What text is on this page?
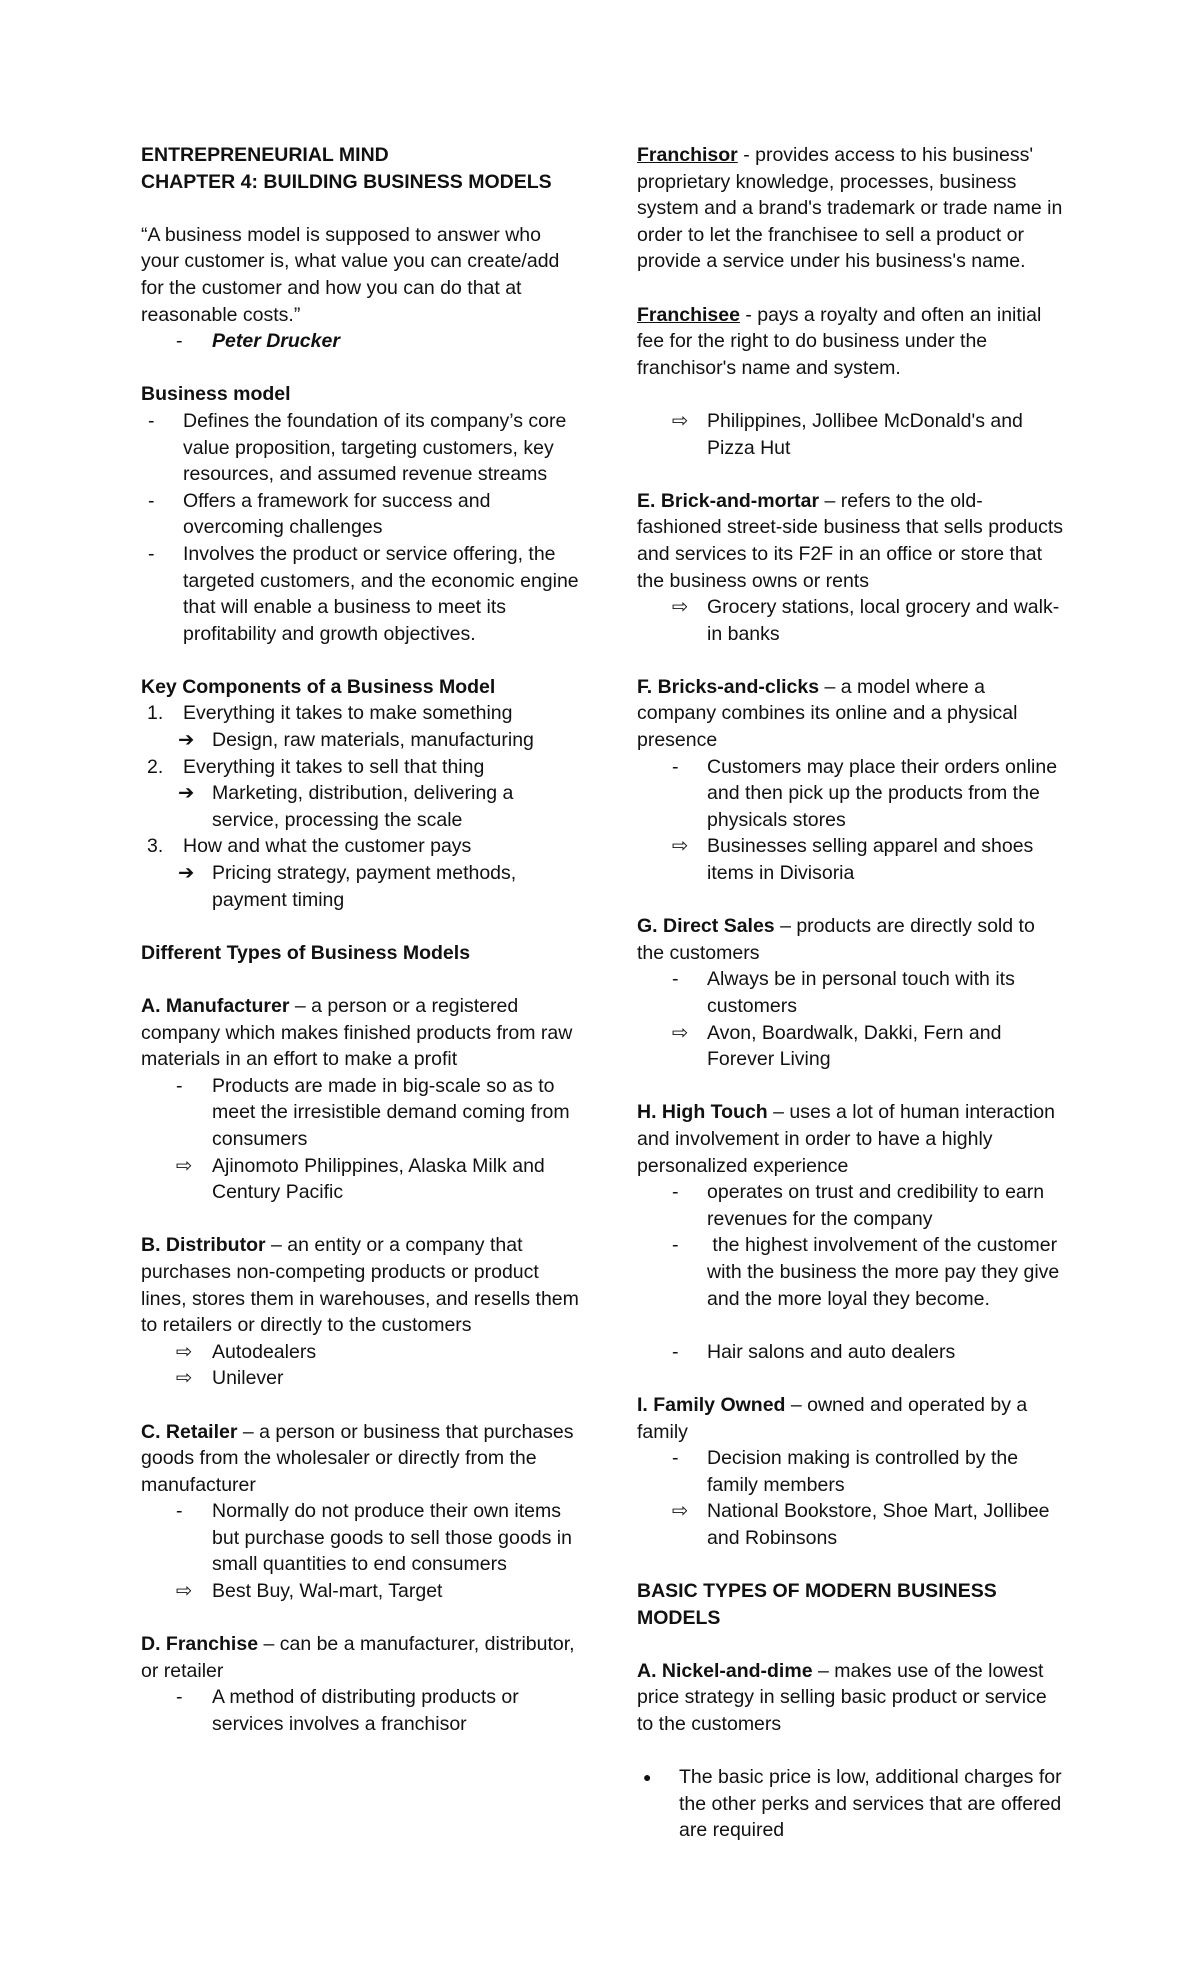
ENTREPRENEURIAL MIND

CHAPTER 4: BUILDING BUSINESS MODELS

“A business model is supposed to answer who your customer is, what value you can create/add for the customer and how you can do that at reasonable costs.”

- Peter Drucker

Business model

- Defines the foundation of its company’s core value proposition, targeting customers, key resources, and assumed revenue streams
- Offers a framework for success and overcoming challenges
- Involves the product or service offering, the targeted customers, and the economic engine that will enable a business to meet its profitability and growth objectives.

Key Components of a Business Model

1. Everything it takes to make something
➔ Design, raw materials, manufacturing
2. Everything it takes to sell that thing
➔ Marketing, distribution, delivering a service, processing the scale
3. How and what the customer pays
➔ Pricing strategy, payment methods, payment timing

Different Types of Business Models

A. Manufacturer – a person or a registered company which makes finished products from raw materials in an effort to make a profit

- Products are made in big-scale so as to meet the irresistible demand coming from consumers
⇨ Ajinomoto Philippines, Alaska Milk and Century Pacific

B. Distributor – an entity or a company that purchases non-competing products or product lines, stores them in warehouses, and resells them to retailers or directly to the customers

⇨ Autodealers
⇨ Unilever

C. Retailer – a person or business that purchases goods from the wholesaler or directly from the manufacturer

- Normally do not produce their own items but purchase goods to sell those goods in small quantities to end consumers
⇨ Best Buy, Wal-mart, Target

D. Franchise – can be a manufacturer, distributor, or retailer

- A method of distributing products or services involves a franchisor

Franchisor - provides access to his business' proprietary knowledge, processes, business system and a brand's trademark or trade name in order to let the franchisee to sell a product or provide a service under his business's name.

Franchisee - pays a royalty and often an initial fee for the right to do business under the franchisor's name and system.

⇨ Philippines, Jollibee McDonald's and Pizza Hut

E. Brick-and-mortar – refers to the old-fashioned street-side business that sells products and services to its F2F in an office or store that the business owns or rents

⇨ Grocery stations, local grocery and walk-in banks

F. Bricks-and-clicks – a model where a company combines its online and a physical presence

- Customers may place their orders online and then pick up the products from the physicals stores
⇨ Businesses selling apparel and shoes items in Divisoria

G. Direct Sales – products are directly sold to the customers

- Always be in personal touch with its customers
⇨ Avon, Boardwalk, Dakki, Fern and Forever Living

H. High Touch – uses a lot of human interaction and involvement in order to have a highly personalized experience

- operates on trust and credibility to earn revenues for the company
- the highest involvement of the customer with the business the more pay they give and the more loyal they become.
- Hair salons and auto dealers

I. Family Owned – owned and operated by a family

- Decision making is controlled by the family members
⇨ National Bookstore, Shoe Mart, Jollibee and Robinsons

BASIC TYPES OF MODERN BUSINESS MODELS

A. Nickel-and-dime – makes use of the lowest price strategy in selling basic product or service to the customers

● The basic price is low, additional charges for the other perks and services that are offered are required
